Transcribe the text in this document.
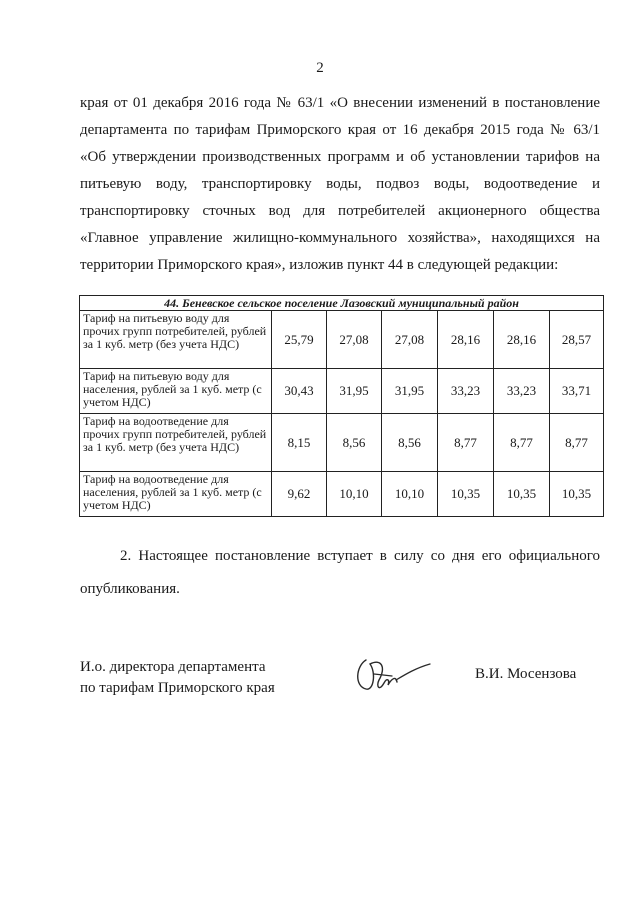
2
края от 01 декабря 2016 года № 63/1 «О внесении изменений в постановление
департамента по тарифам Приморского края от 16 декабря 2015 года № 63/1
«Об утверждении производственных программ и об установлении тарифов на
питьевую воду, транспортировку воды, подвоз воды, водоотведение и
транспортировку сточных вод для потребителей акционерного общества
«Главное управление жилищно-коммунального хозяйства», находящихся на
территории Приморского края», изложив пункт 44 в следующей редакции:
44. Беневское сельское поселение Лазовский муниципальный район						
Тариф на питьевую воду для прочих групп потребителей, рублей за 1 куб. метр (без учета НДС)	25,79	27,08	27,08	28,16	28,16	28,57
Тариф на питьевую воду для населения, рублей за 1 куб. метр (с учетом НДС)	30,43	31,95	31,95	33,23	33,23	33,71
Тариф на водоотведение для прочих групп потребителей, рублей за 1 куб. метр (без учета НДС)	8,15	8,56	8,56	8,77	8,77	8,77
Тариф на водоотведение для населения, рублей за 1 куб. метр (с учетом НДС)	9,62	10,10	10,10	10,35	10,35	10,35
2. Настоящее постановление вступает в силу со дня его официального
опубликования.
И.о. директора департамента
по тарифам Приморского края
В.И. Мосензова
